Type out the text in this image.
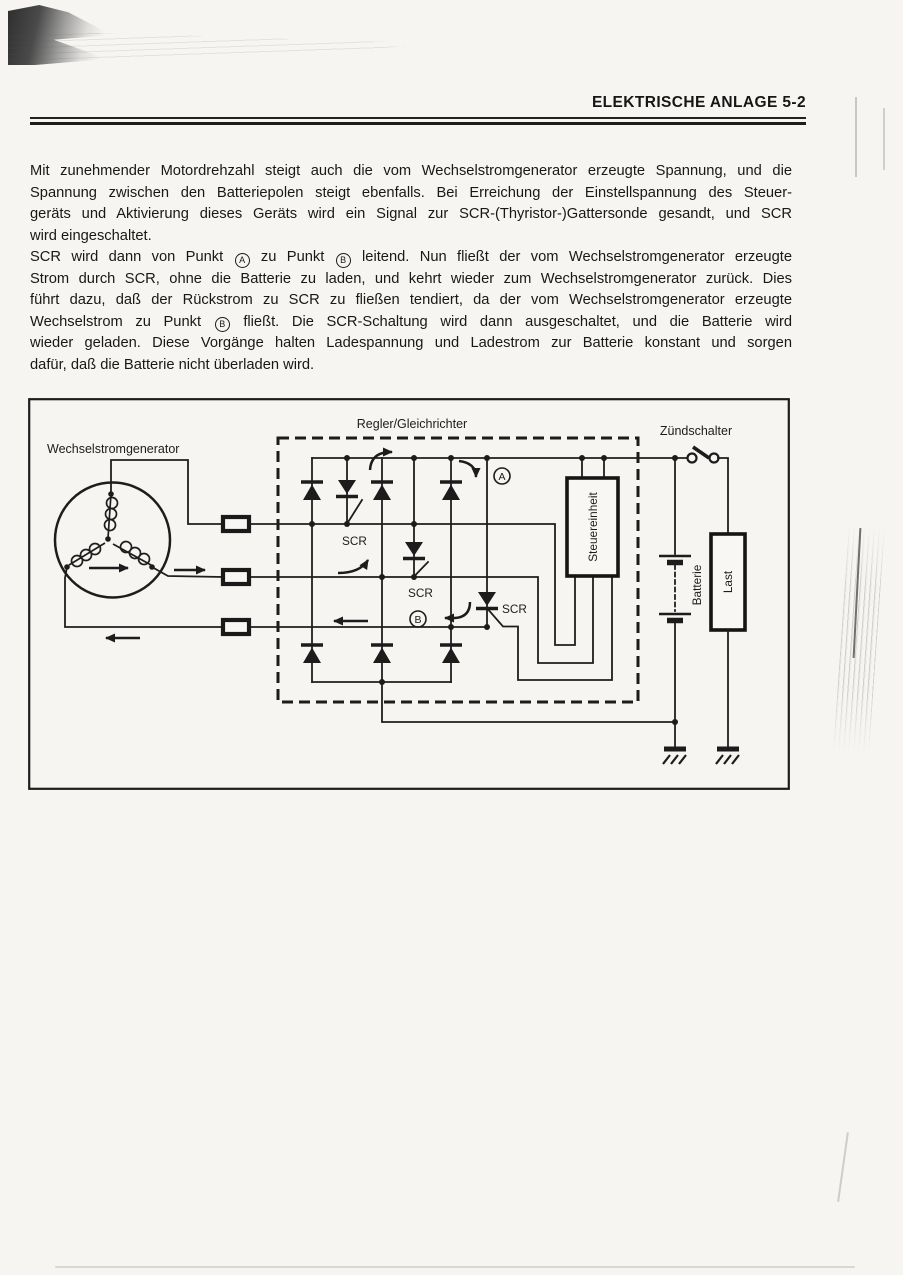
ELEKTRISCHE ANLAGE 5-2
Mit zunehmender Motordrehzahl steigt auch die vom Wechselstromgenerator erzeugte Spannung, und die
Spannung zwischen den Batteriepolen steigt ebenfalls. Bei Erreichung der Einstellspannung des Steuer-
geräts und Aktivierung dieses Geräts wird ein Signal zur SCR-(Thyristor-)Gattersonde gesandt, und SCR
wird eingeschaltet.
SCR wird dann von Punkt A zu Punkt B leitend. Nun fließt der vom Wechselstromgenerator erzeugte
Strom durch SCR, ohne die Batterie zu laden, und kehrt wieder zum Wechselstromgenerator zurück. Dies
führt dazu, daß der Rückstrom zu SCR zu fließen tendiert, da der vom Wechselstromgenerator erzeugte
Wechselstrom zu Punkt B fließt. Die SCR-Schaltung wird dann ausgeschaltet, und die Batterie wird
wieder geladen. Diese Vorgänge halten Ladespannung und Ladestrom zur Batterie konstant und sorgen
dafür, daß die Batterie nicht überladen wird.
Regler/Gleichrichter	Zündschalter
Wechselstromgenerator
SCR
SCR
SCR
Steuereinheit
Batterie Last
A
B
